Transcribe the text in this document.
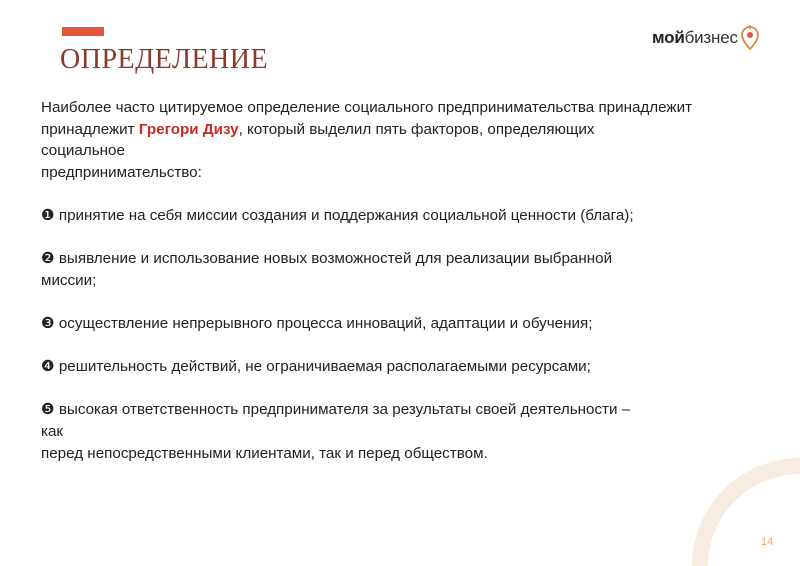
ОПРЕДЕЛЕНИЕ
мойбизнес

Наиболее часто цитируемое определение социального предпринимательства принадлежит

принадлежит Грегори Дизу, который выделил пять факторов, определяющих

социальное

предпринимательство:

❶ принятие на себя миссии создания и поддержания социальной ценности (блага);

❷ выявление и использование новых возможностей для реализации выбранной

миссии;

❸ осуществление непрерывного процесса инноваций, адаптации и обучения;

❹ решительность действий, не ограничиваемая располагаемыми ресурсами;

❺ высокая ответственность предпринимателя за результаты своей деятельности –

как

перед непосредственными клиентами, так и перед обществом.

14
